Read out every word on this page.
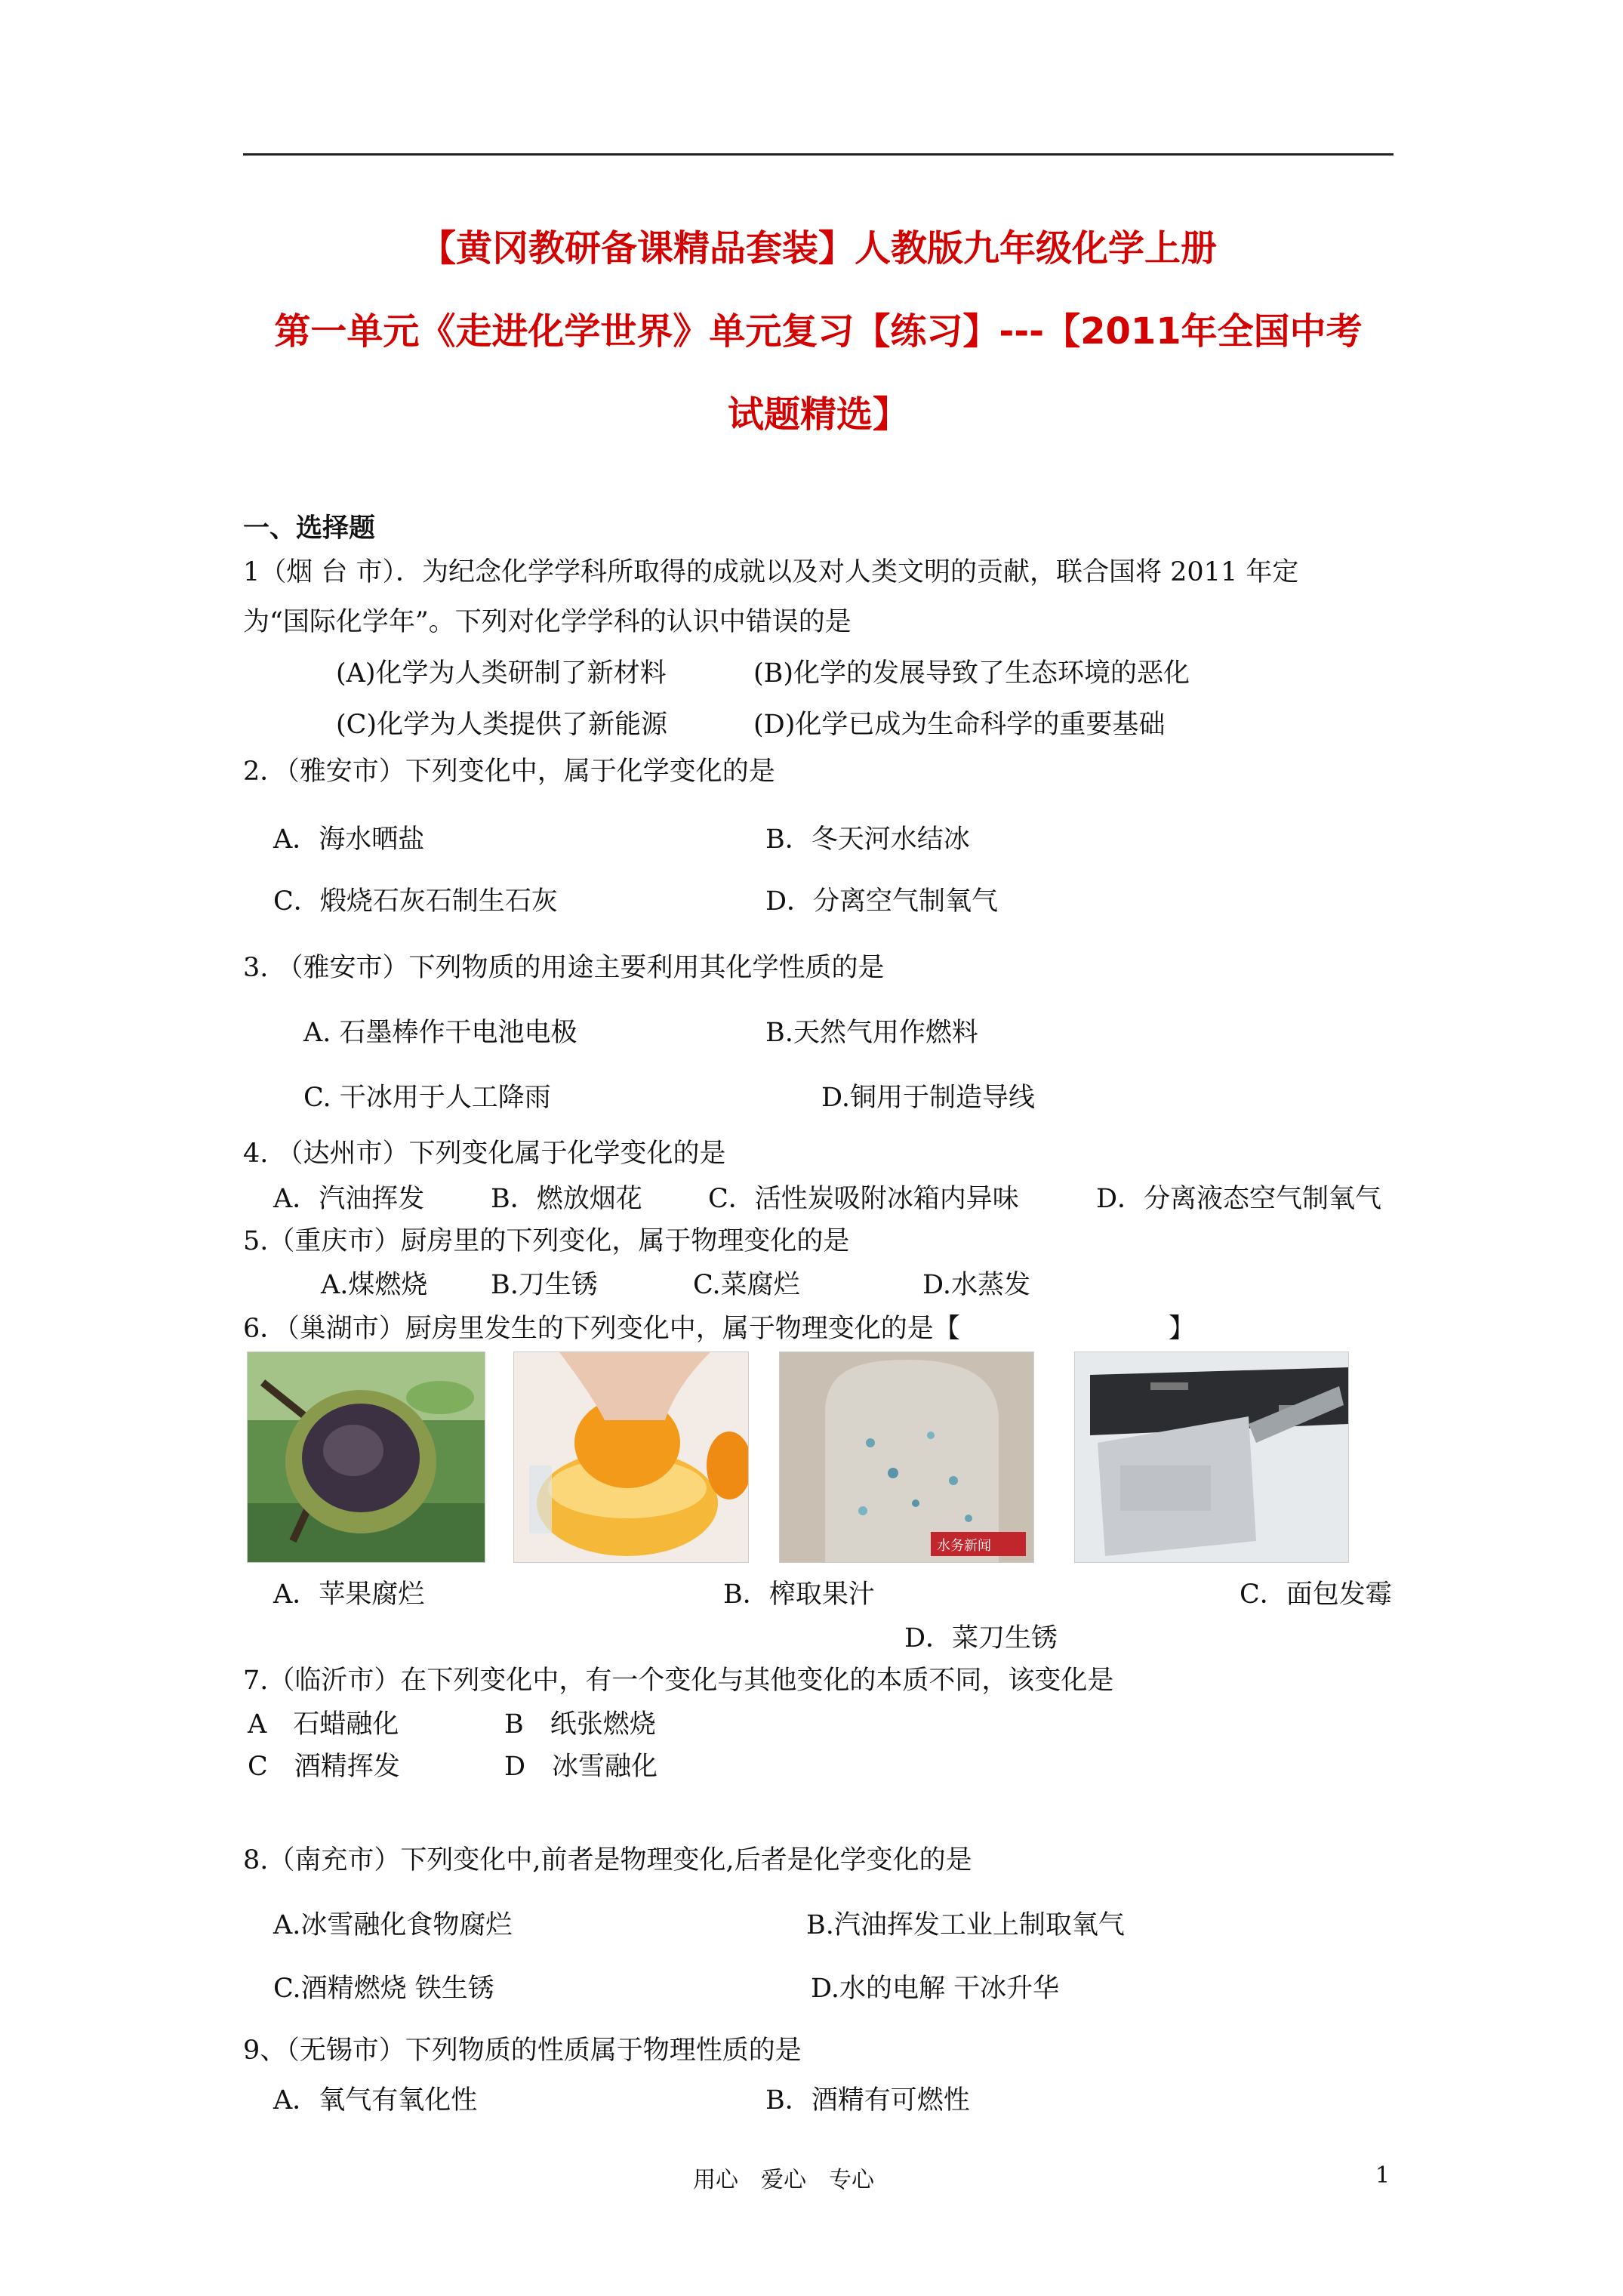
【黄冈教研备课精品套装】人教版九年级化学上册
第一单元《走进化学世界》单元复习【练习】---【2011年全国中考
试题精选】
一、选择题
1（烟 台 市）．为纪念化学学科所取得的成就以及对人类文明的贡献，联合国将 2011 年定
为“国际化学年”。下列对化学学科的认识中错误的是
(A)化学为人类研制了新材料	(B)化学的发展导致了生态环境的恶化
(C)化学为人类提供了新能源	(D)化学已成为生命科学的重要基础
2．（雅安市）下列变化中，属于化学变化的是
A．海水晒盐	B．冬天河水结冰
C．煅烧石灰石制生石灰	D．分离空气制氧气
3. （雅安市）下列物质的用途主要利用其化学性质的是
A. 石墨棒作干电池电极	B.天然气用作燃料
C. 干冰用于人工降雨	D.铜用于制造导线
4. （达州市）下列变化属于化学变化的是
A．汽油挥发	B．燃放烟花 C．活性炭吸附冰箱内异味	D．分离液态空气制氧气
5.（重庆市）厨房里的下列变化，属于物理变化的是
A.煤燃烧 B.刀生锈	C.菜腐烂	D.水蒸发
6．（巢湖市）厨房里发生的下列变化中，属于物理变化的是【	】
水务新闻
A．苹果腐烂	B．榨取果汁	C．面包发霉
D．菜刀生锈
7.（临沂市）在下列变化中，有一个变化与其他变化的本质不同，该变化是
A　石蜡融化	B　纸张燃烧
C　酒精挥发	D　冰雪融化
8.（南充市）下列变化中,前者是物理变化,后者是化学变化的是
A.冰雪融化食物腐烂	B.汽油挥发工业上制取氧气
C.酒精燃烧 铁生锈	D.水的电解 干冰升华
9、（无锡市）下列物质的性质属于物理性质的是
A．氧气有氧化性	B．酒精有可燃性
用心　爱心　专心	1
